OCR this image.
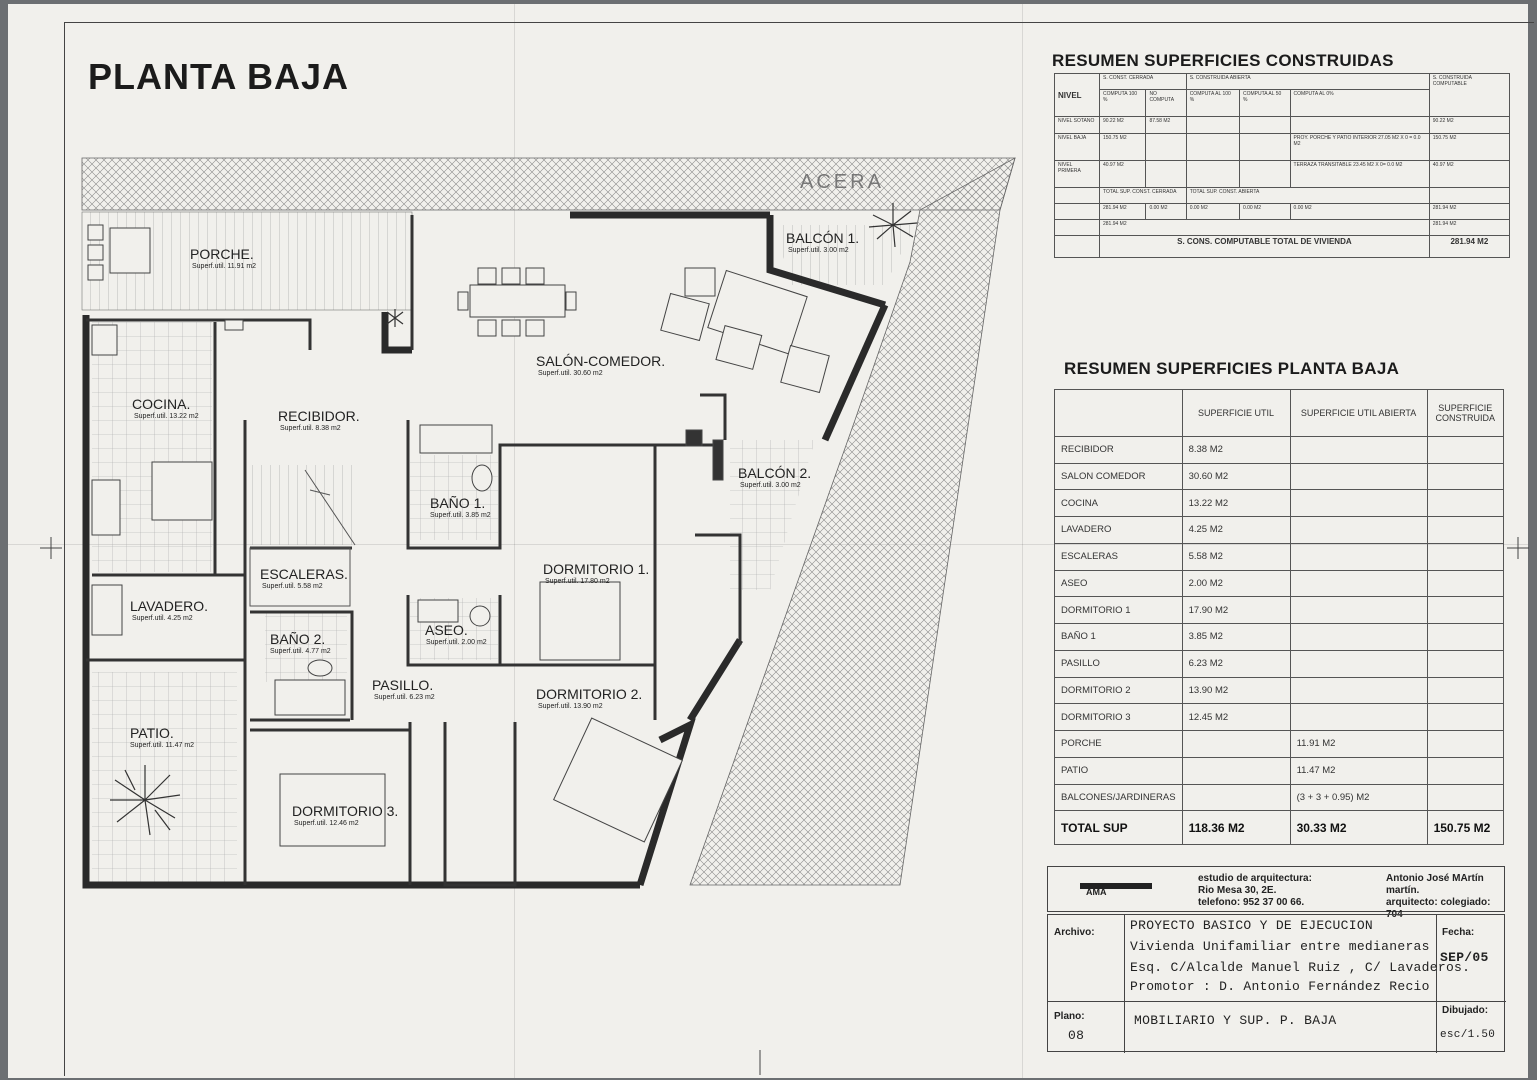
PLANTA BAJA
ACERA
PORCHE.
Superf.util. 11.91 m2
BALCÓN 1.
Superf.util. 3.00 m2
SALÓN-COMEDOR.
Superf.util. 30.60 m2
COCINA.
Superf.util. 13.22 m2	RECIBIDOR.
Superf.util. 8.38 m2
BALCÓN 2.
Superf.util. 3.00 m2
BAÑO 1.
Superf.util. 3.85 m2
ESCALERAS.
Superf.util. 5.58 m2
DORMITORIO 1.
Superf.util. 17.80 m2
LAVADERO.
Superf.util. 4.25 m2
BAÑO 2.
Superf.util. 4.77 m2
ASEO.
Superf.util. 2.00 m2
PASILLO.
Superf.util. 6.23 m2	DORMITORIO 2.
Superf.util. 13.90 m2
PATIO.
Superf.util. 11.47 m2
DORMITORIO 3.
Superf.util. 12.46 m2
RESUMEN SUPERFICIES CONSTRUIDAS
NIVEL	S. CONST. CERRADA		S. CONSTRUIDA ABIERTA			S. CONSTRUIDA COMPUTABLE
	COMPUTA 100 %	NO COMPUTA	COMPUTA AL 100 %	COMPUTA AL 50 %	COMPUTA AL 0%	
NIVEL SOTANO	90.22 M2	87.58 M2				90.22 M2
NIVEL BAJA	150.75 M2				PROY. PORCHE Y PATIO INTERIOR 27.05 M2 X 0 = 0.0 M2	150.75 M2
NIVEL PRIMERA	40.97 M2				TERRAZA TRANSITABLE 23.45 M2 X 0= 0.0 M2	40.97 M2
	TOTAL SUP. CONST. CERRADA		TOTAL SUP. CONST. ABIERTA			
	281.94 M2	0.00 M2	0.00 M2	0.00 M2	0.00 M2	281.94 M2
	281.94 M2					281.94 M2
	S. CONS. COMPUTABLE TOTAL DE VIVIENDA					281.94 M2
RESUMEN SUPERFICIES PLANTA BAJA
	SUPERFICIE UTIL	SUPERFICIE UTIL ABIERTA	SUPERFICIE CONSTRUIDA
RECIBIDOR	8.38 M2		
SALON COMEDOR	30.60 M2		
COCINA	13.22 M2		
LAVADERO	4.25 M2		
ESCALERAS	5.58 M2		
ASEO	2.00 M2		
DORMITORIO 1	17.90 M2		
BAÑO 1	3.85 M2		
PASILLO	6.23 M2		
DORMITORIO 2	13.90 M2		
DORMITORIO 3	12.45 M2		
PORCHE		11.91 M2	
PATIO		11.47 M2	
BALCONES/JARDINERAS		(3 + 3 + 0.95) M2	
TOTAL SUP	118.36 M2	30.33 M2	150.75 M2
AMA
estudio de arquitectura:
Rio Mesa 30, 2E.
telefono: 952 37 00 66.
Antonio José MArtín martín.
arquitecto: colegiado: 704
Archivo:	PROYECTO BASICO Y DE EJECUCION
Vivienda Unifamiliar entre medianeras
Esq. C/Alcalde Manuel Ruiz , C/ Lavaderos.
Promotor : D. Antonio Fernández Recio
Fecha:
SEP/05
Plano:
08
MOBILIARIO Y SUP. P. BAJA
Dibujado:
esc/1.50
